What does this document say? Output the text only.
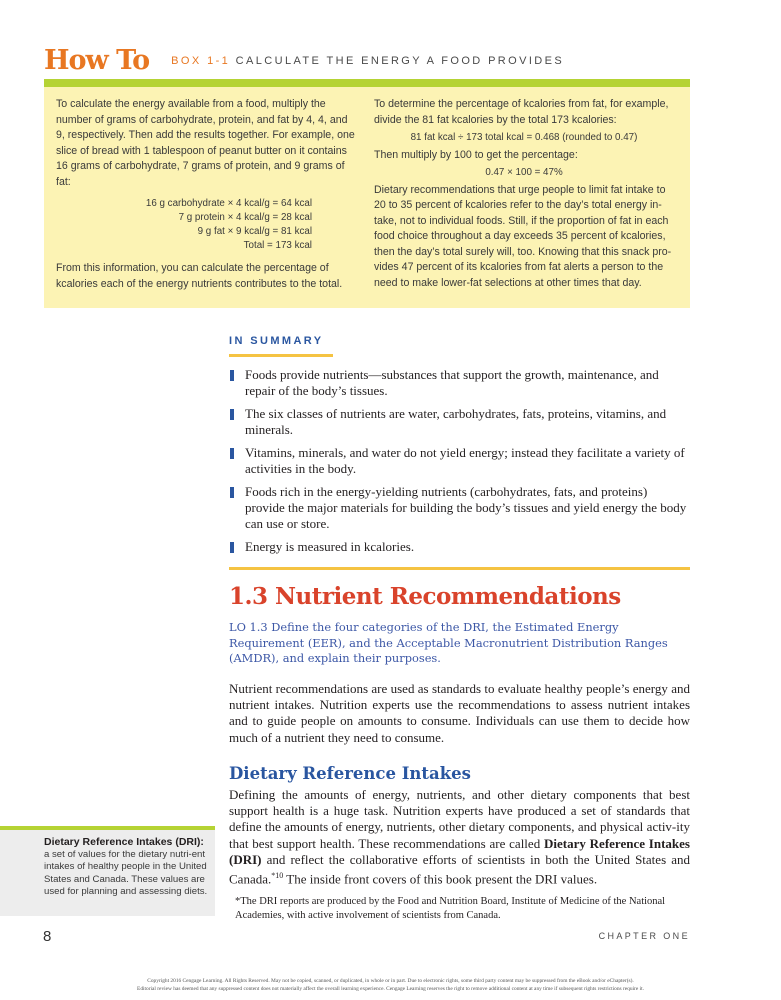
How To BOX 1-1 CALCULATE THE ENERGY A FOOD PROVIDES

To calculate the energy available from a food, multiply the number of grams of carbohydrate, protein, and fat by 4, 4, and 9, respectively. Then add the results together. For example, one slice of bread with 1 tablespoon of peanut butter on it contains 16 grams of carbohydrate, 7 grams of protein, and 9 grams of fat:

16 g carbohydrate × 4 kcal/g = 64 kcal
7 g protein × 4 kcal/g = 28 kcal
9 g fat × 9 kcal/g = 81 kcal
Total = 173 kcal

From this information, you can calculate the percentage of kcalories each of the energy nutrients contributes to the total.

To determine the percentage of kcalories from fat, for example, divide the 81 fat kcalories by the total 173 kcalories:

81 fat kcal ÷ 173 total kcal = 0.468 (rounded to 0.47)

Then multiply by 100 to get the percentage:

0.47 × 100 = 47%

Dietary recommendations that urge people to limit fat intake to 20 to 35 percent of kcalories refer to the day’s total energy in-take, not to individual foods. Still, if the proportion of fat in each food choice throughout a day exceeds 35 percent of kcalories, then the day’s total surely will, too. Knowing that this snack pro-vides 47 percent of its kcalories from fat alerts a person to the need to make lower-fat selections at other times that day.

IN SUMMARY
Foods provide nutrients—substances that support the growth, maintenance, and repair of the body’s tissues.
The six classes of nutrients are water, carbohydrates, fats, proteins, vitamins, and minerals.
Vitamins, minerals, and water do not yield energy; instead they facilitate a variety of activities in the body.
Foods rich in the energy-yielding nutrients (carbohydrates, fats, and proteins) provide the major materials for building the body’s tissues and yield energy the body can use or store.
Energy is measured in kcalories.
1.3 Nutrient Recommendations

LO 1.3 Define the four categories of the DRI, the Estimated Energy Requirement (EER), and the Acceptable Macronutrient Distribution Ranges (AMDR), and explain their purposes.

Nutrient recommendations are used as standards to evaluate healthy people’s energy and nutrient intakes. Nutrition experts use the recommendations to assess nutrient intakes and to guide people on amounts to consume. Individuals can use them to decide how much of a nutrient they need to consume.

Dietary Reference Intakes

Defining the amounts of energy, nutrients, and other dietary components that best support health is a huge task. Nutrition experts have produced a set of standards that define the amounts of energy, nutrients, other dietary components, and physical activ-ity that best support health. These recommendations are called Dietary Reference Intakes (DRI) and reflect the collaborative efforts of scientists in both the United States and Canada.$^{*10}$ The inside front covers of this book present the DRI values.

*The DRI reports are produced by the Food and Nutrition Board, Institute of Medicine of the National Academies, with active involvement of scientists from Canada.

Dietary Reference Intakes (DRI):
a set of values for the dietary nutri-ent intakes of healthy people in the United States and Canada. These values are used for planning and assessing diets.
8	CHAPTER ONE
Copyright 2016 Cengage Learning. All Rights Reserved. May not be copied, scanned, or duplicated, in whole or in part. Due to electronic rights, some third party content may be suppressed from the eBook and/or eChapter(s).
Editorial review has deemed that any suppressed content does not materially affect the overall learning experience. Cengage Learning reserves the right to remove additional content at any time if subsequent rights restrictions require it.
